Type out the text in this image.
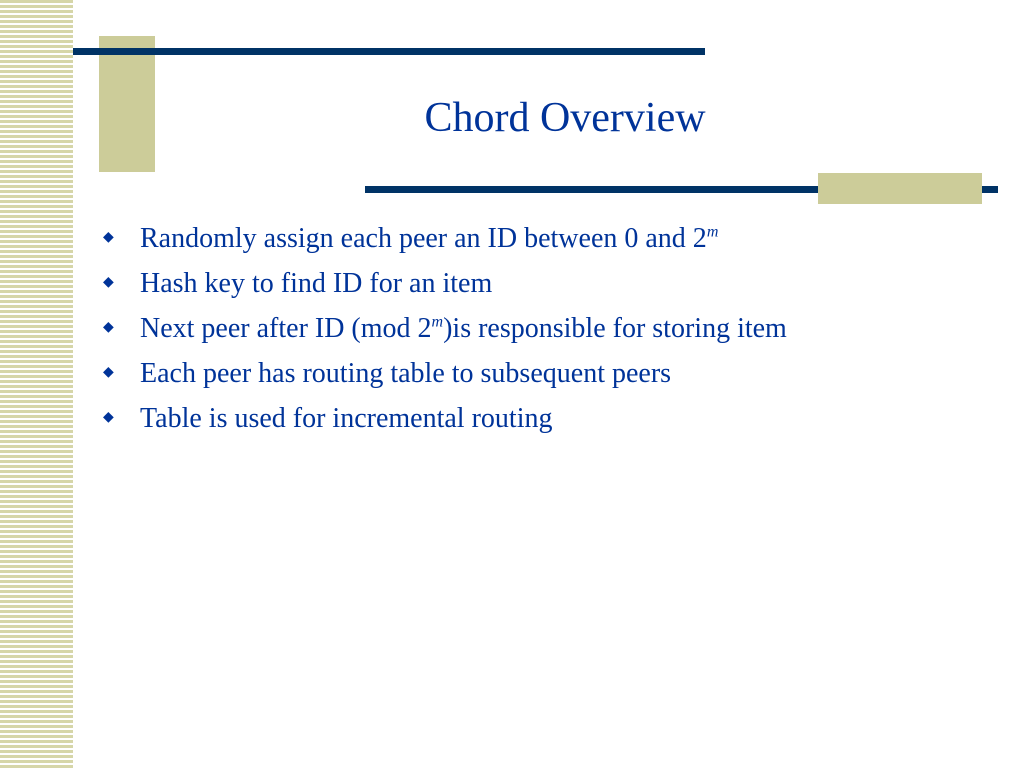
Chord Overview
◆ Randomly assign each peer an ID between 0 and 2$^m$
◆ Hash key to find ID for an item
◆ Next peer after ID (mod 2$^m$)is responsible for storing item
◆ Each peer has routing table to subsequent peers
◆ Table is used for incremental routing
